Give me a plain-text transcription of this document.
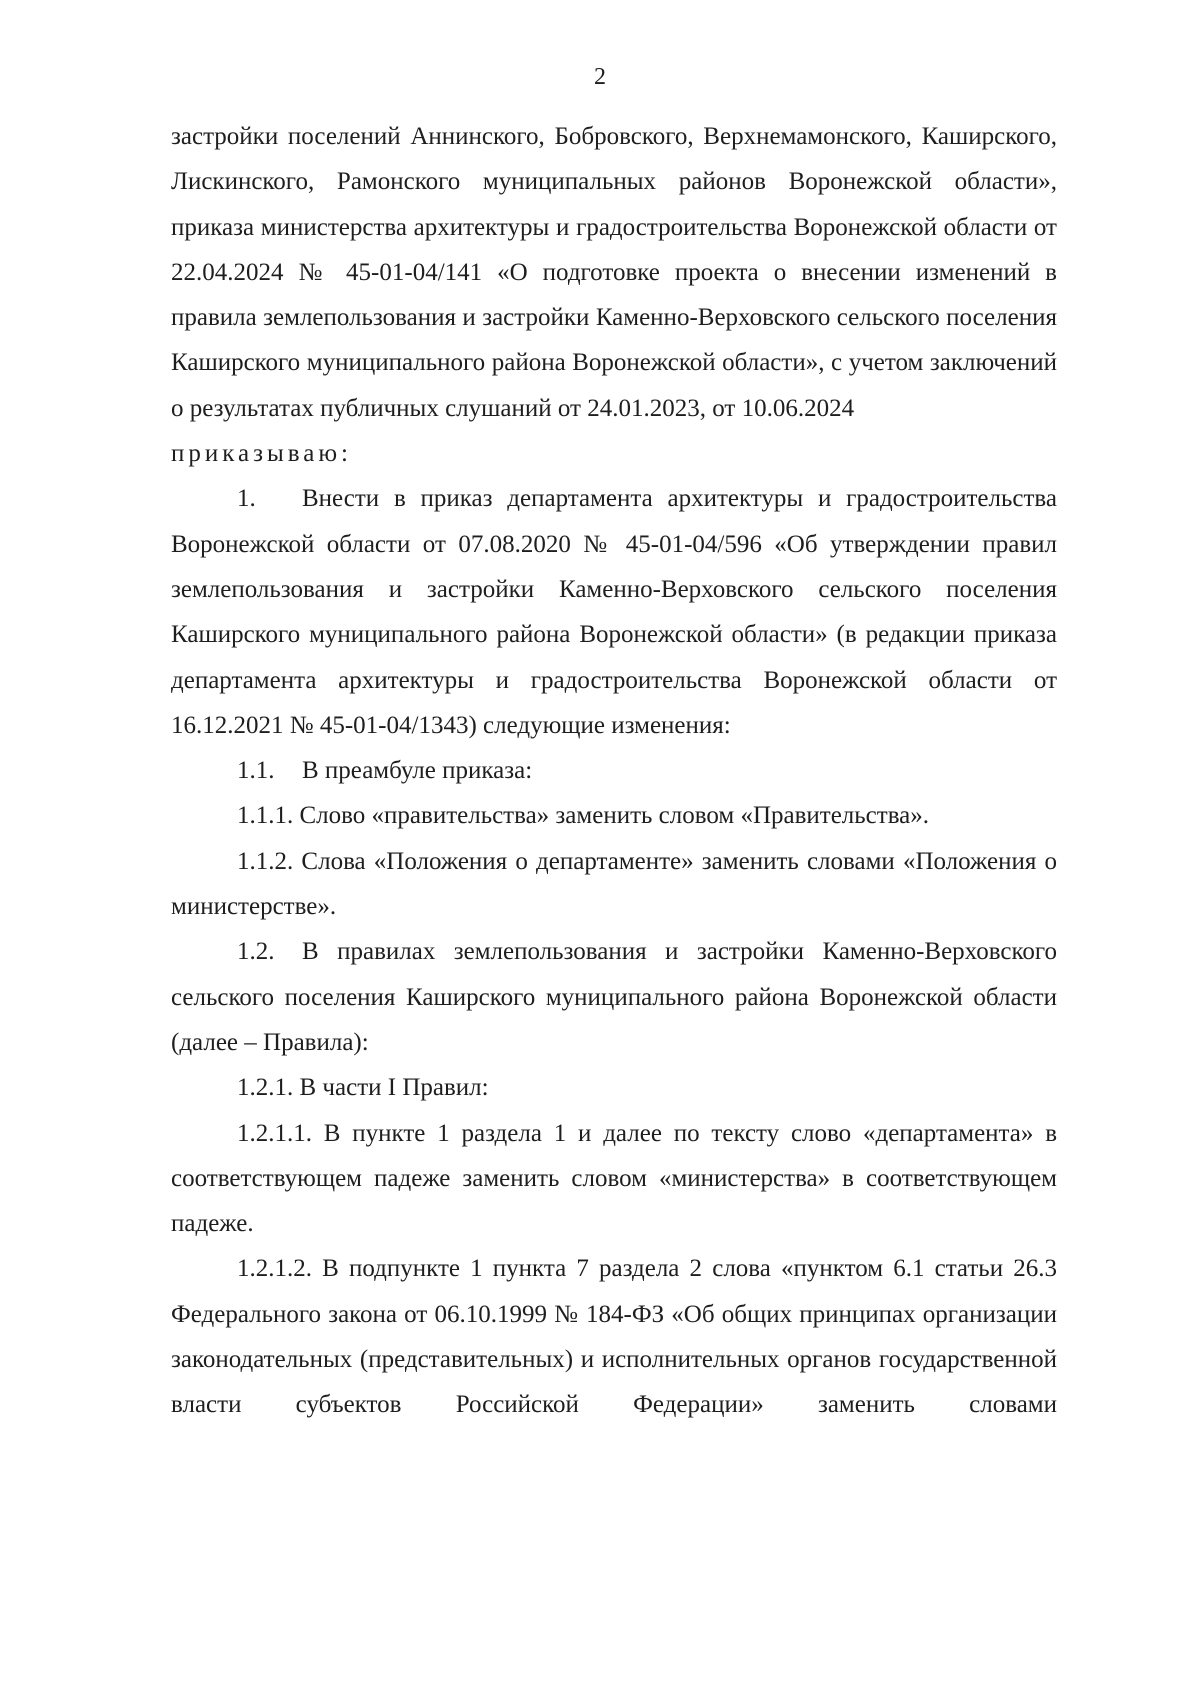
2

застройки поселений Аннинского, Бобровского, Верхнемамонского, Каширского, Лискинского, Рамонского муниципальных районов Воронежской области», приказа министерства архитектуры и градостроительства Воронежской области от 22.04.2024 № 45-01-04/141 «О подготовке проекта о внесении изменений в правила землепользования и застройки Каменно-Верховского сельского поселения Каширского муниципального района Воронежской области», с учетом заключений о результатах публичных слушаний от 24.01.2023, от 10.06.2024

приказываю:

1. Внести в приказ департамента архитектуры и градостроительства Воронежской области от 07.08.2020 № 45-01-04/596 «Об утверждении правил землепользования и застройки Каменно-Верховского сельского поселения Каширского муниципального района Воронежской области» (в редакции приказа департамента архитектуры и градостроительства Воронежской области от 16.12.2021 № 45-01-04/1343) следующие изменения:

1.1. В преамбуле приказа:

1.1.1. Слово «правительства» заменить словом «Правительства».

1.1.2. Слова «Положения о департаменте» заменить словами «Положения о министерстве».

1.2. В правилах землепользования и застройки Каменно-Верховского сельского поселения Каширского муниципального района Воронежской области (далее – Правила):

1.2.1. В части I Правил:

1.2.1.1. В пункте 1 раздела 1 и далее по тексту слово «департамента» в соответствующем падеже заменить словом «министерства» в соответствующем падеже.

1.2.1.2. В подпункте 1 пункта 7 раздела 2 слова «пунктом 6.1 статьи 26.3 Федерального закона от 06.10.1999 № 184-ФЗ «Об общих принципах организации законодательных (представительных) и исполнительных органов государственной власти субъектов Российской Федерации» заменить словами
